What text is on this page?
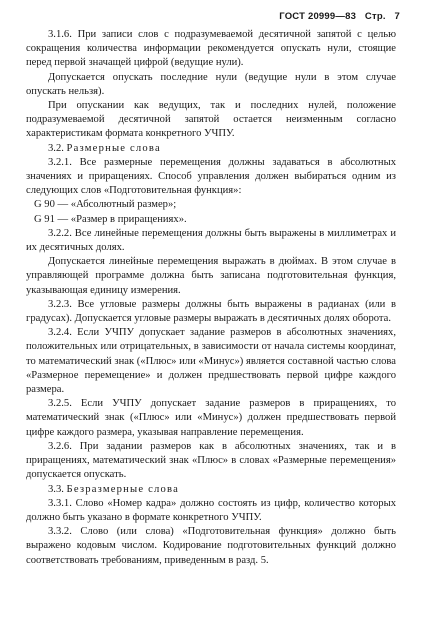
ГОСТ 20999—83 Стр. 7

3.1.6. При записи слов с подразумеваемой десятичной запятой с целью сокращения количества информации рекомендуется опускать нули, стоящие перед первой значащей цифрой (ведущие нули).

Допускается опускать последние нули (ведущие нули в этом случае опускать нельзя).

При опускании как ведущих, так и последних нулей, положение подразумеваемой десятичной запятой остается неизменным согласно характеристикам формата конкретного УЧПУ.

3.2. Размерные слова

3.2.1. Все размерные перемещения должны задаваться в абсолютных значениях и приращениях. Способ управления должен выбираться одним из следующих слов «Подготовительная функция»:

G 90 — «Абсолютный размер»;

G 91 — «Размер в приращениях».

3.2.2. Все линейные перемещения должны быть выражены в миллиметрах и их десятичных долях.

Допускается линейные перемещения выражать в дюймах. В этом случае в управляющей программе должна быть записана подготовительная функция, указывающая единицу измерения.

3.2.3. Все угловые размеры должны быть выражены в радианах (или в градусах). Допускается угловые размеры выражать в десятичных долях оборота.

3.2.4. Если УЧПУ допускает задание размеров в абсолютных значениях, положительных или отрицательных, в зависимости от начала системы координат, то математический знак («Плюс» или «Минус») является составной частью слова «Размерное перемещение» и должен предшествовать первой цифре каждого размера.

3.2.5. Если УЧПУ допускает задание размеров в приращениях, то математический знак («Плюс» или «Минус») должен предшествовать первой цифре каждого размера, указывая направление перемещения.

3.2.6. При задании размеров как в абсолютных значениях, так и в приращениях, математический знак «Плюс» в словах «Размерные перемещения» допускается опускать.

3.3. Безразмерные слова

3.3.1. Слово «Номер кадра» должно состоять из цифр, количество которых должно быть указано в формате конкретного УЧПУ.

3.3.2. Слово (или слова) «Подготовительная функция» должно быть выражено кодовым числом. Кодирование подготовительных функций должно соответствовать требованиям, приведенным в разд. 5.
